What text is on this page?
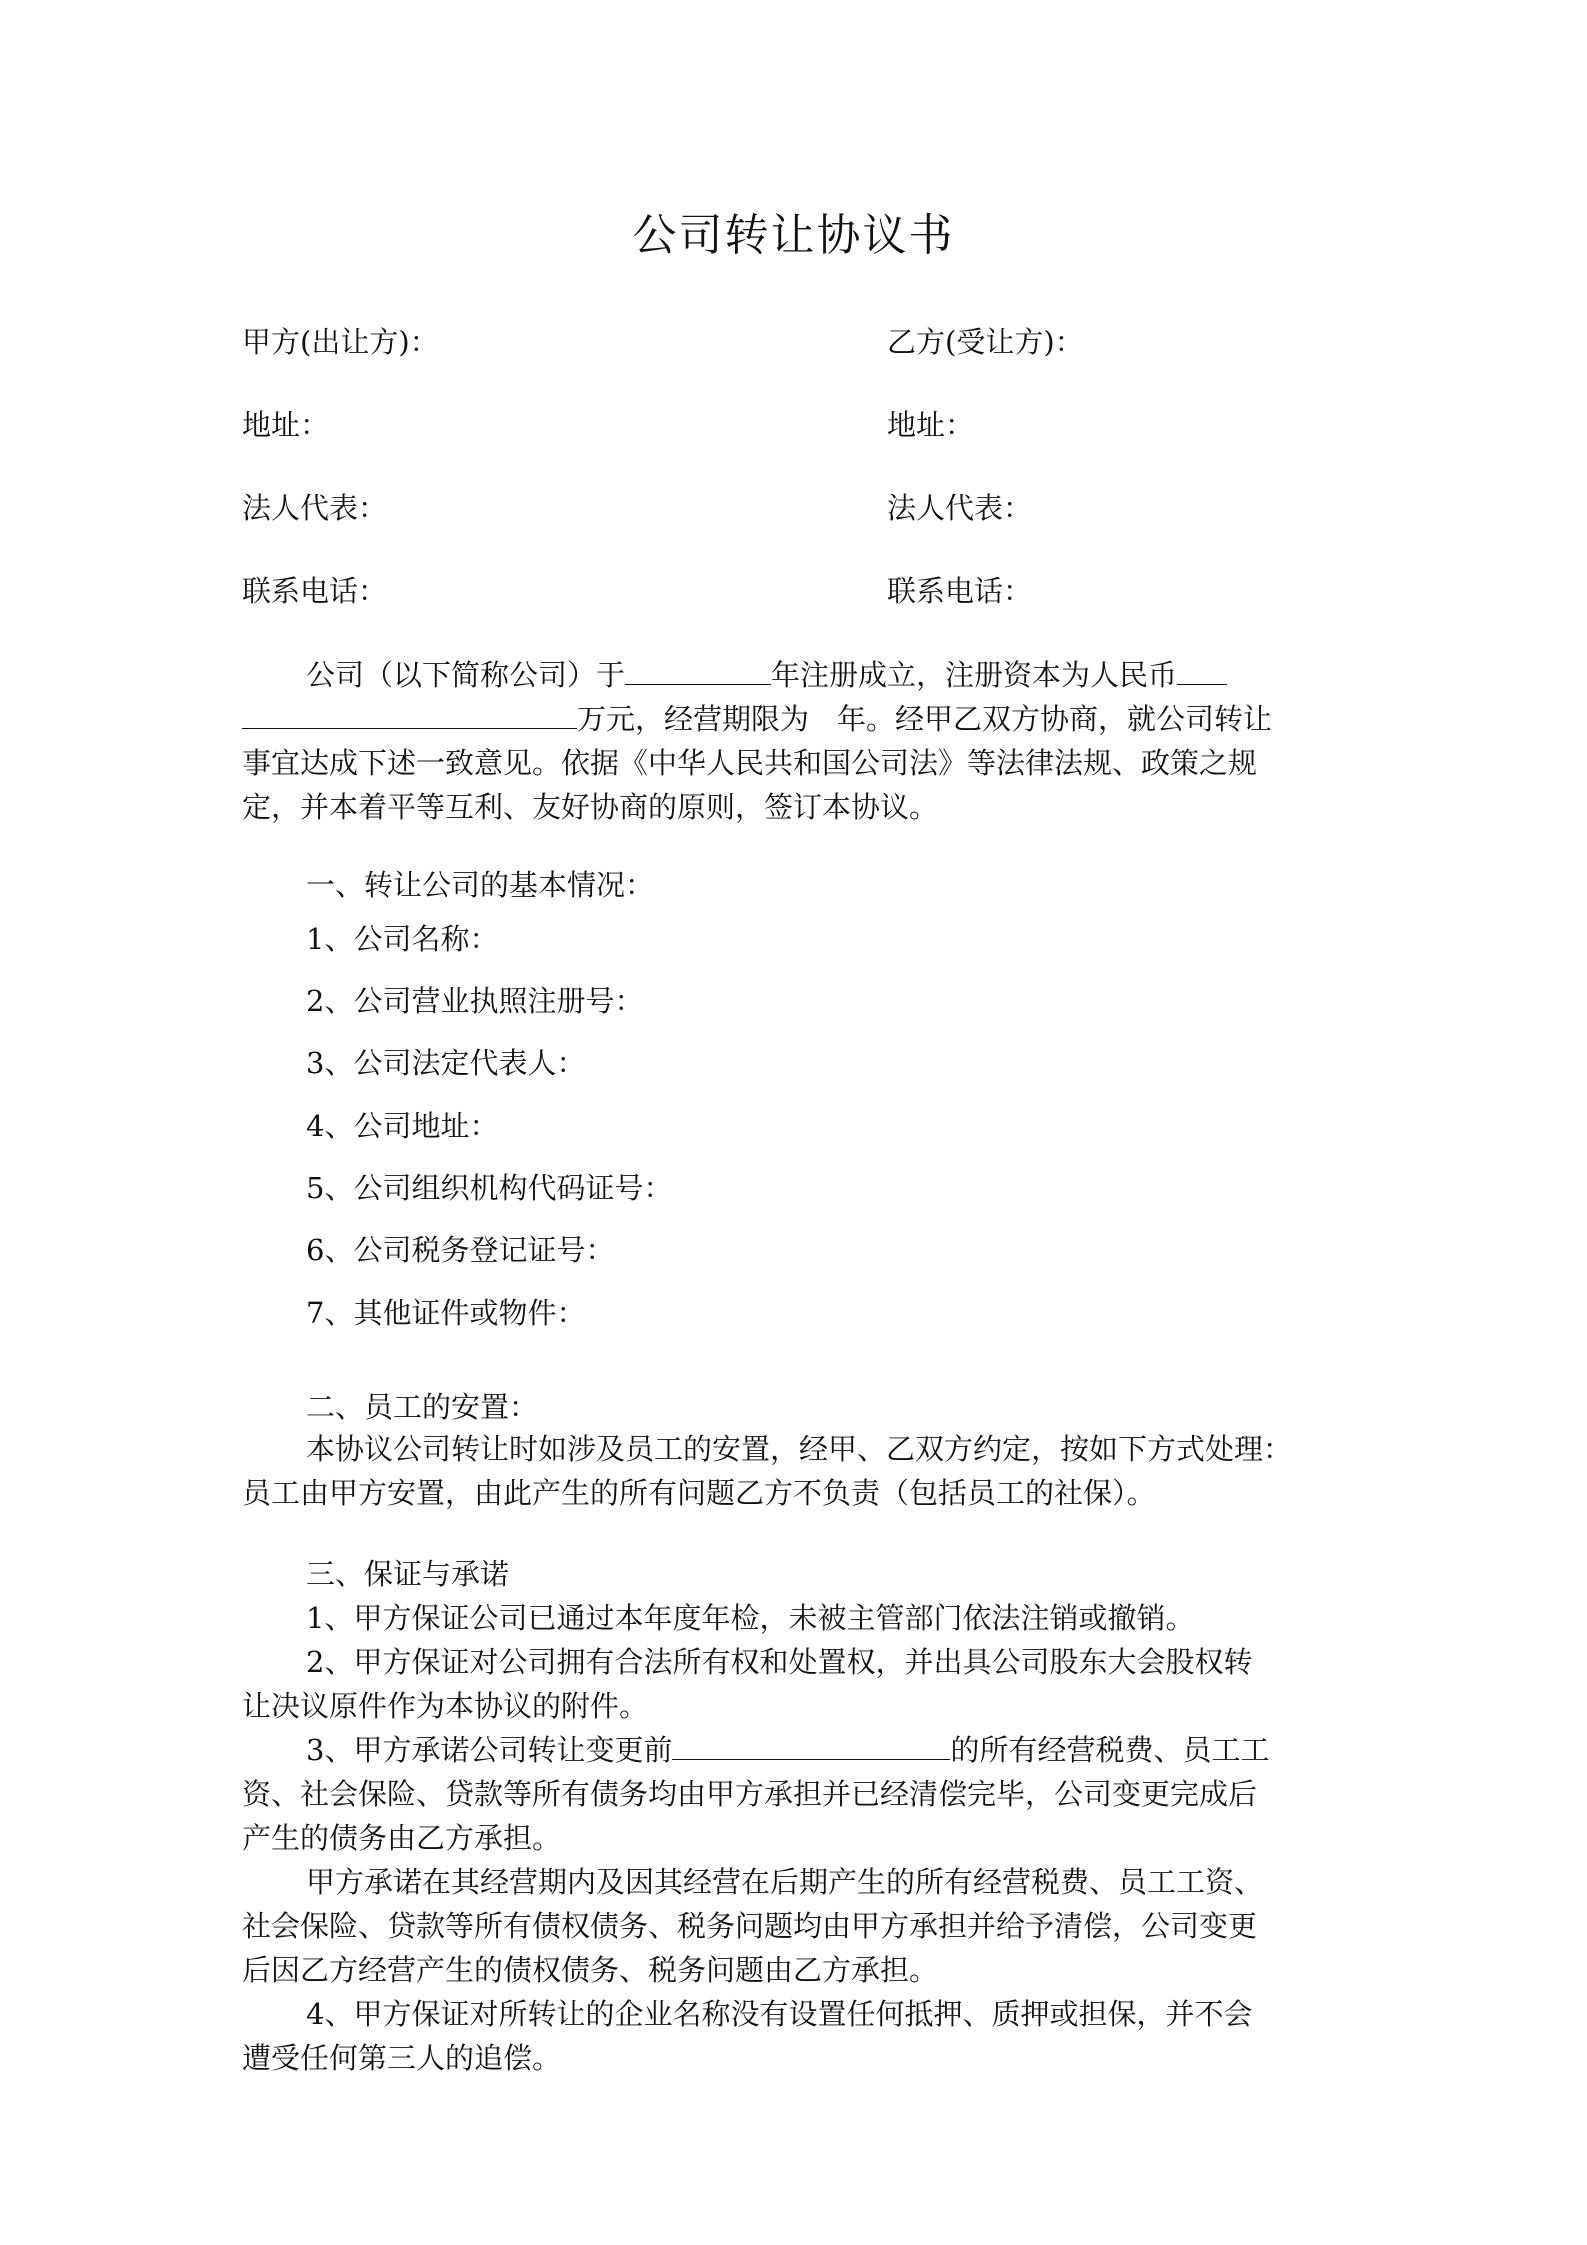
公司转让协议书

甲方(出让方)：	乙方(受让方)：

地址：	地址：

法人代表：	法人代表：

联系电话：	联系电话：

公司（以下简称公司）于	年注册成立，注册资本为人民币

万元，经营期限为 年。经甲乙双方协商，就公司转让

事宜达成下述一致意见。依据《中华人民共和国公司法》等法律法规、政策之规

定，并本着平等互利、友好协商的原则，签订本协议。

一、转让公司的基本情况：

1、公司名称：

2、公司营业执照注册号：

3、公司法定代表人：

4、公司地址：

5、公司组织机构代码证号：

6、公司税务登记证号：

7、其他证件或物件：

二、员工的安置：

本协议公司转让时如涉及员工的安置，经甲、乙双方约定，按如下方式处理：

员工由甲方安置，由此产生的所有问题乙方不负责（包括员工的社保）。

三、保证与承诺

1、甲方保证公司已通过本年度年检，未被主管部门依法注销或撤销。

2、甲方保证对公司拥有合法所有权和处置权，并出具公司股东大会股权转

让决议原件作为本协议的附件。

3、甲方承诺公司转让变更前	的所有经营税费、员工工

资、社会保险、贷款等所有债务均由甲方承担并已经清偿完毕，公司变更完成后

产生的债务由乙方承担。

甲方承诺在其经营期内及因其经营在后期产生的所有经营税费、员工工资、

社会保险、贷款等所有债权债务、税务问题均由甲方承担并给予清偿，公司变更

后因乙方经营产生的债权债务、税务问题由乙方承担。

4、甲方保证对所转让的企业名称没有设置任何抵押、质押或担保，并不会

遭受任何第三人的追偿。
